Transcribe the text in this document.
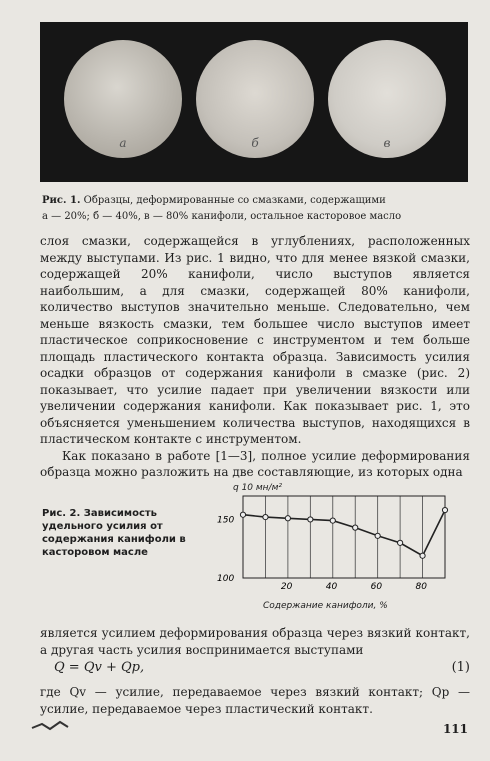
а	б	в
Рис. 1. Образцы, деформированные со смазками, содержащими
а — 20%; б — 40%, в — 80% канифоли, остальное касторовое масло

слоя смазки, содержащейся в углублениях, расположенных между выступами. Из рис. 1 видно, что для менее вязкой смазки, содержащей 20% канифоли, число выступов является наибольшим, а для смазки, содержащей 80% канифоли, количество выступов значительно меньше. Следовательно, чем меньше вязкость смазки, тем большее число выступов имеет пластическое соприкосновение с инструментом и тем больше площадь пластического контакта образца. Зависимость усилия осадки образцов от содержания канифоли в смазке (рис. 2) показывает, что усилие падает при увеличении вязкости или увеличении содержания канифоли. Как показывает рис. 1, это объясняется уменьшением количества выступов, находящихся в пластическом контакте с инструментом.

Как показано в работе [1—3], полное усилие деформирования образца можно разложить на две составляющие, из которых одна

Рис. 2. Зависимость удельного усилия от содержания канифоли в касторовом масле
20	40	60	80
100
150
q 10 мн/м²
Содержание канифоли, %

является усилием деформирования образца через вязкий контакт, а другая часть усилия воспринимается выступами

Q = Qv + Qp,	(1)

где Qv — усилие, передаваемое через вязкий контакт; Qp — усилие, передаваемое через пластический контакт.

111
